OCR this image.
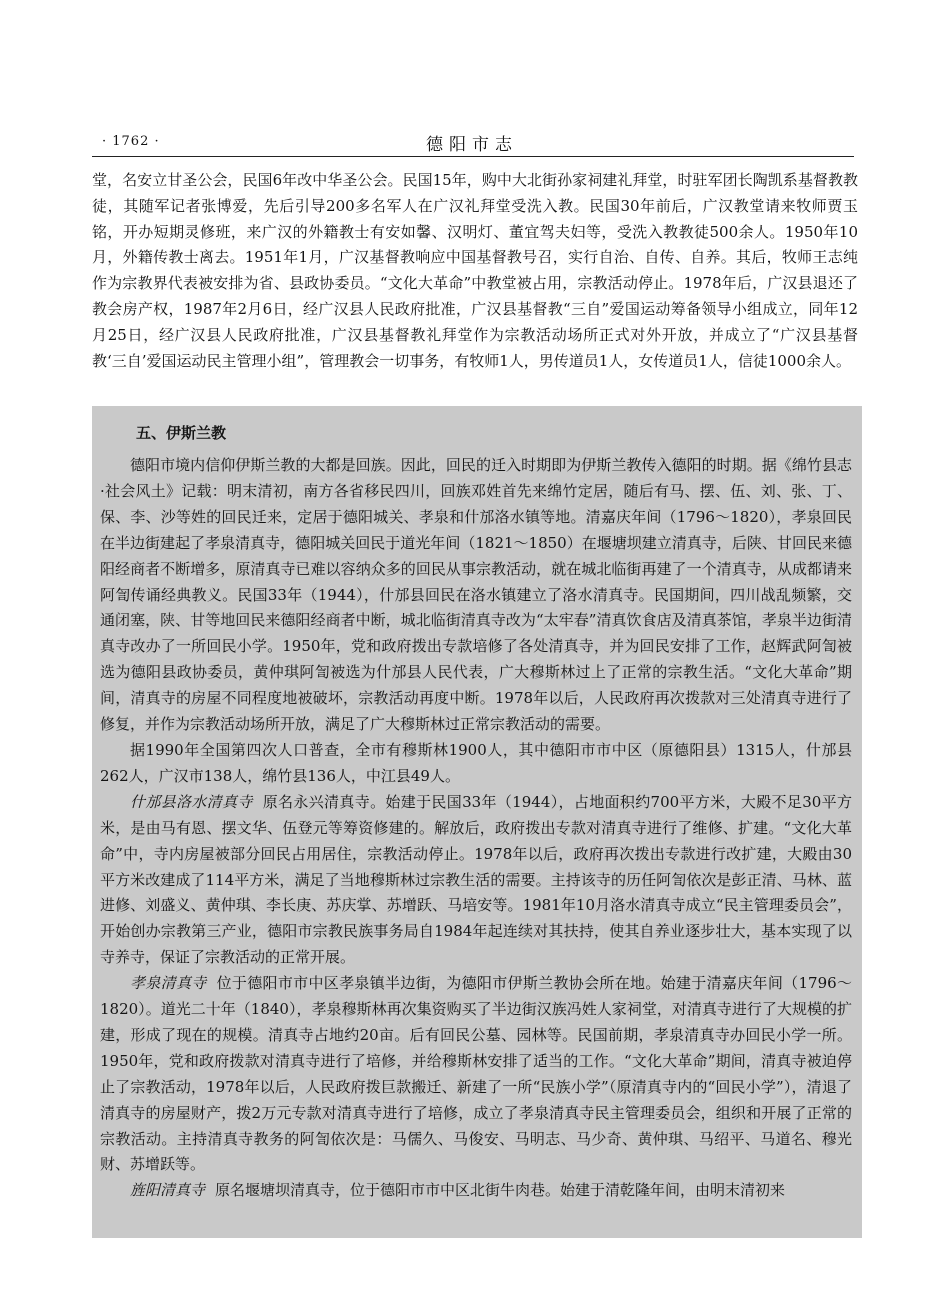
· 1762 ·	德阳市志

堂，名安立甘圣公会，民国6年改中华圣公会。民国15年，购中大北街孙家祠建礼拜堂，时驻军团长陶凯系基督教教徒，其随军记者张博爱，先后引导200多名军人在广汉礼拜堂受洗入教。民国30年前后，广汉教堂请来牧师贾玉铭，开办短期灵修班，来广汉的外籍教士有安如馨、汉明灯、董宜驾夫妇等，受洗入教教徒500余人。1950年10月，外籍传教士离去。1951年1月，广汉基督教响应中国基督教号召，实行自治、自传、自养。其后，牧师王志纯作为宗教界代表被安排为省、县政协委员。“文化大革命”中教堂被占用，宗教活动停止。1978年后，广汉县退还了教会房产权，1987年2月6日，经广汉县人民政府批准，广汉县基督教“三自”爱国运动筹备领导小组成立，同年12月25日，经广汉县人民政府批准，广汉县基督教礼拜堂作为宗教活动场所正式对外开放，并成立了“广汉县基督教‘三自’爱国运动民主管理小组”，管理教会一切事务，有牧师1人，男传道员1人，女传道员1人，信徒1000余人。

五、伊斯兰教

德阳市境内信仰伊斯兰教的大都是回族。因此，回民的迁入时期即为伊斯兰教传入德阳的时期。据《绵竹县志·社会风土》记载：明末清初，南方各省移民四川，回族邓姓首先来绵竹定居，随后有马、摆、伍、刘、张、丁、保、李、沙等姓的回民迁来，定居于德阳城关、孝泉和什邡洛水镇等地。清嘉庆年间（1796～1820），孝泉回民在半边街建起了孝泉清真寺，德阳城关回民于道光年间（1821～1850）在堰塘坝建立清真寺，后陕、甘回民来德阳经商者不断增多，原清真寺已难以容纳众多的回民从事宗教活动，就在城北临街再建了一个清真寺，从成都请来阿訇传诵经典教义。民国33年（1944），什邡县回民在洛水镇建立了洛水清真寺。民国期间，四川战乱频繁，交通闭塞，陕、甘等地回民来德阳经商者中断，城北临街清真寺改为“太牢春”清真饮食店及清真茶馆，孝泉半边街清真寺改办了一所回民小学。1950年，党和政府拨出专款培修了各处清真寺，并为回民安排了工作，赵辉武阿訇被选为德阳县政协委员，黄仲琪阿訇被选为什邡县人民代表，广大穆斯林过上了正常的宗教生活。“文化大革命”期间，清真寺的房屋不同程度地被破坏，宗教活动再度中断。1978年以后，人民政府再次拨款对三处清真寺进行了修复，并作为宗教活动场所开放，满足了广大穆斯林过正常宗教活动的需要。

据1990年全国第四次人口普查，全市有穆斯林1900人，其中德阳市市中区（原德阳县）1315人，什邡县262人，广汉市138人，绵竹县136人，中江县49人。

什邡县洛水清真寺 原名永兴清真寺。始建于民国33年（1944），占地面积约700平方米，大殿不足30平方米，是由马有恩、摆文华、伍登元等筹资修建的。解放后，政府拨出专款对清真寺进行了维修、扩建。“文化大革命”中，寺内房屋被部分回民占用居住，宗教活动停止。1978年以后，政府再次拨出专款进行改扩建，大殿由30平方米改建成了114平方米，满足了当地穆斯林过宗教生活的需要。主持该寺的历任阿訇依次是彭正清、马林、蓝进修、刘盛义、黄仲琪、李长庚、苏庆掌、苏增跃、马培安等。1981年10月洛水清真寺成立“民主管理委员会”，开始创办宗教第三产业，德阳市宗教民族事务局自1984年起连续对其扶持，使其自养业逐步壮大，基本实现了以寺养寺，保证了宗教活动的正常开展。

孝泉清真寺 位于德阳市市中区孝泉镇半边街，为德阳市伊斯兰教协会所在地。始建于清嘉庆年间（1796～1820）。道光二十年（1840），孝泉穆斯林再次集资购买了半边街汉族冯姓人家祠堂，对清真寺进行了大规模的扩建，形成了现在的规模。清真寺占地约20亩。后有回民公墓、园林等。民国前期，孝泉清真寺办回民小学一所。1950年，党和政府拨款对清真寺进行了培修，并给穆斯林安排了适当的工作。“文化大革命”期间，清真寺被迫停止了宗教活动，1978年以后，人民政府拨巨款搬迁、新建了一所“民族小学”（原清真寺内的“回民小学”），清退了清真寺的房屋财产，拨2万元专款对清真寺进行了培修，成立了孝泉清真寺民主管理委员会，组织和开展了正常的宗教活动。主持清真寺教务的阿訇依次是：马儒久、马俊安、马明志、马少奇、黄仲琪、马绍平、马道名、穆光财、苏增跃等。

旌阳清真寺 原名堰塘坝清真寺，位于德阳市市中区北街牛肉巷。始建于清乾隆年间，由明末清初来
